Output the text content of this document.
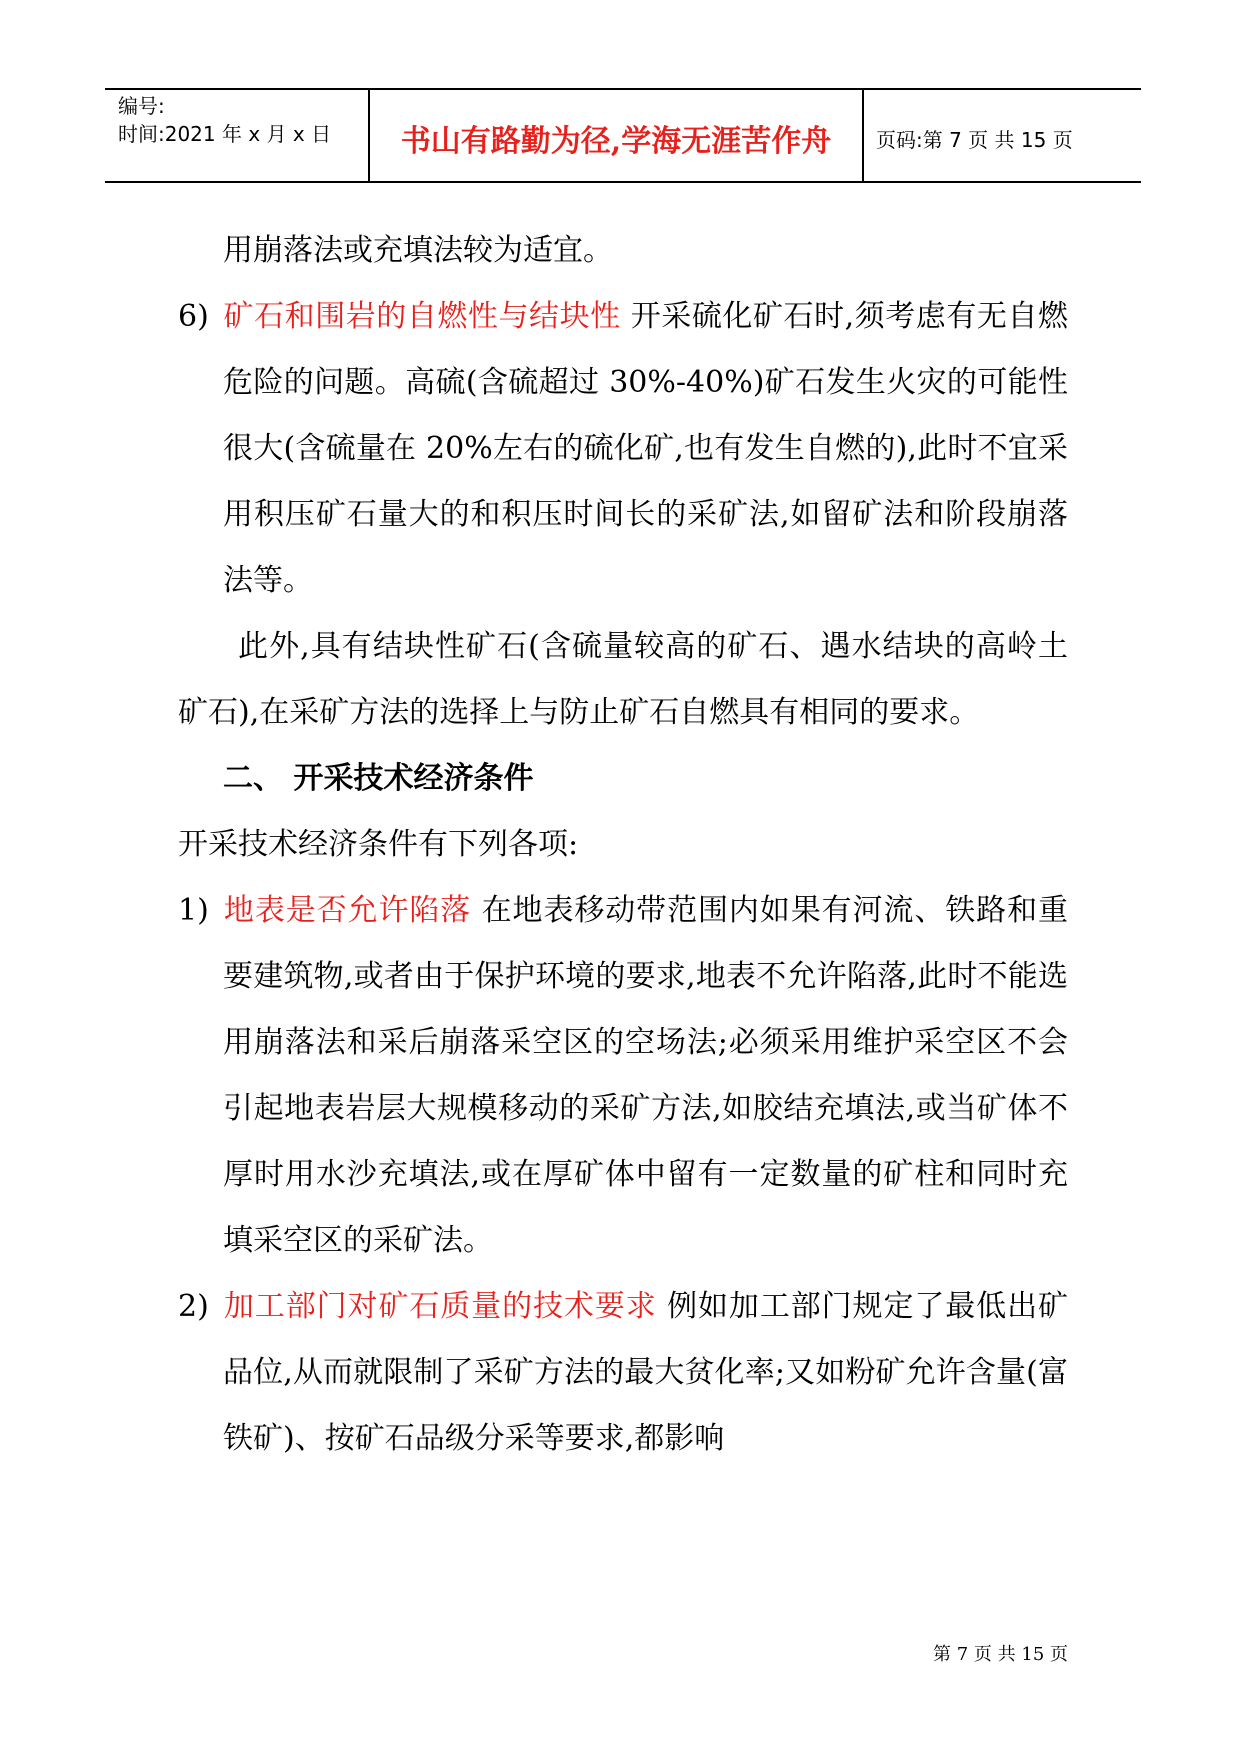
编号:
时间:2021 年 x 月 x 日	书山有路勤为径,学海无涯苦作舟	页码:第 7 页 共 15 页

用崩落法或充填法较为适宜。

6) 矿石和围岩的自燃性与结块性 开采硫化矿石时,须考虑有无自燃危险的问题。高硫(含硫超过 30%-40%)矿石发生火灾的可能性很大(含硫量在 20%左右的硫化矿,也有发生自燃的),此时不宜采用积压矿石量大的和积压时间长的采矿法,如留矿法和阶段崩落法等。

此外,具有结块性矿石(含硫量较高的矿石、遇水结块的高岭土矿石),在采矿方法的选择上与防止矿石自燃具有相同的要求。

二、 开采技术经济条件

开采技术经济条件有下列各项:

1) 地表是否允许陷落 在地表移动带范围内如果有河流、铁路和重要建筑物,或者由于保护环境的要求,地表不允许陷落,此时不能选用崩落法和采后崩落采空区的空场法;必须采用维护采空区不会引起地表岩层大规模移动的采矿方法,如胶结充填法,或当矿体不厚时用水沙充填法,或在厚矿体中留有一定数量的矿柱和同时充填采空区的采矿法。

2) 加工部门对矿石质量的技术要求 例如加工部门规定了最低出矿品位,从而就限制了采矿方法的最大贫化率;又如粉矿允许含量(富铁矿)、按矿石品级分采等要求,都影响

第 7 页 共 15 页
